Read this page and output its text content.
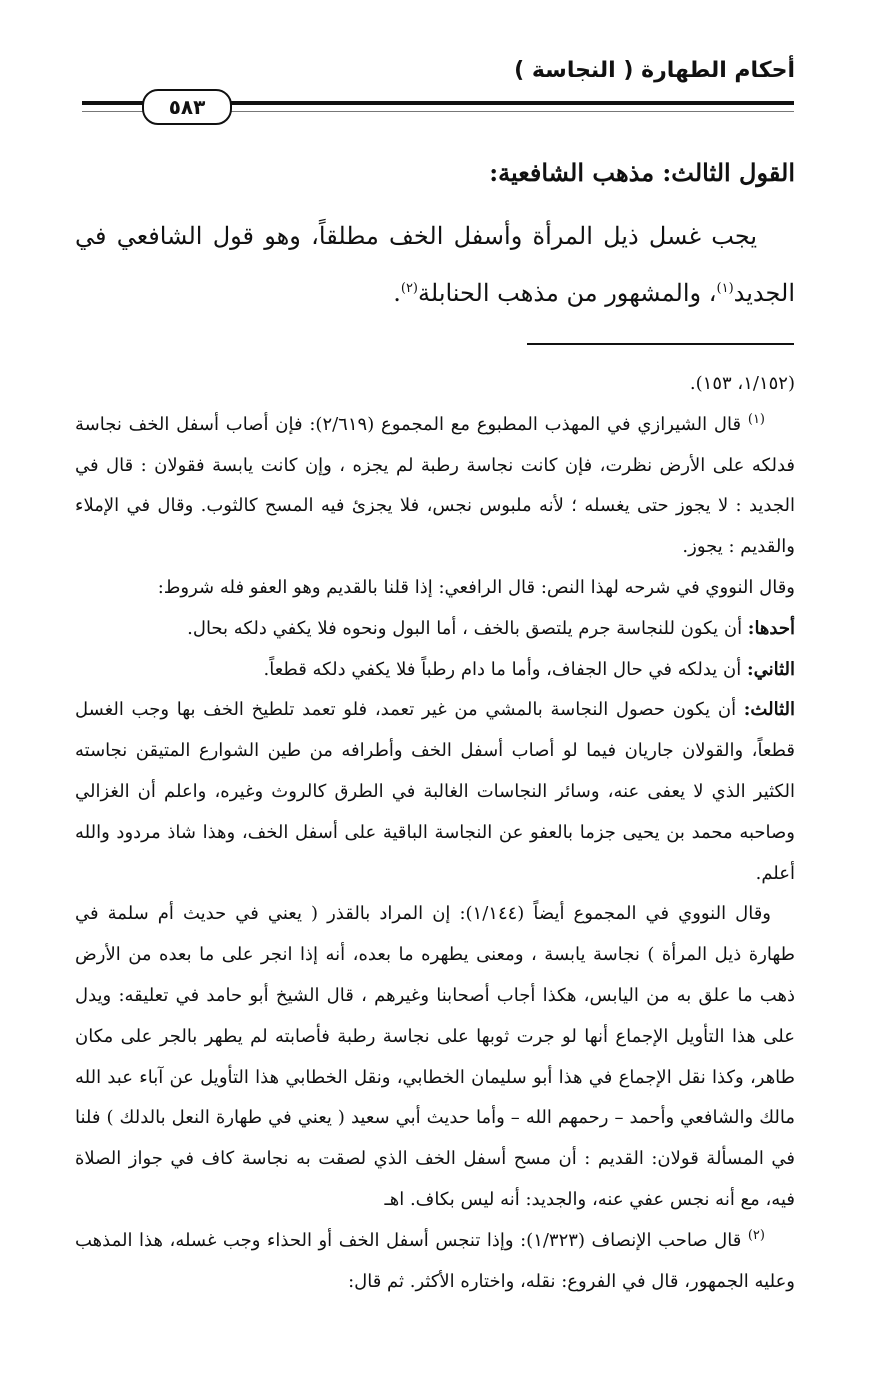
أحكام الطهارة ( النجاسة )
٥٨٣
القول الثالث: مذهب الشافعية:

يجب غسل ذيل المرأة وأسفل الخف مطلقاً، وهو قول الشافعي في الجديد$^{(١)}$، والمشهور من مذهب الحنابلة$^{(٢)}$.

(١/١٥٢، ١٥٣).

$^{(١)}$ قال الشيرازي في المهذب المطبوع مع المجموع (٢/٦١٩): فإن أصاب أسفل الخف نجاسة فدلكه على الأرض نظرت، فإن كانت نجاسة رطبة لم يجزه ، وإن كانت يابسة فقولان : قال في الجديد : لا يجوز حتى يغسله ؛ لأنه ملبوس نجس، فلا يجزئ فيه المسح كالثوب. وقال في الإملاء والقديم : يجوز.

وقال النووي في شرحه لهذا النص: قال الرافعي: إذا قلنا بالقديم وهو العفو فله شروط:

أحدها: أن يكون للنجاسة جرم يلتصق بالخف ، أما البول ونحوه فلا يكفي دلكه بحال.

الثاني: أن يدلكه في حال الجفاف، وأما ما دام رطباً فلا يكفي دلكه قطعاً.

الثالث: أن يكون حصول النجاسة بالمشي من غير تعمد، فلو تعمد تلطيخ الخف بها وجب الغسل قطعاً، والقولان جاريان فيما لو أصاب أسفل الخف وأطرافه من طين الشوارع المتيقن نجاسته الكثير الذي لا يعفى عنه، وسائر النجاسات الغالبة في الطرق كالروث وغيره، واعلم أن الغزالي وصاحبه محمد بن يحيى جزما بالعفو عن النجاسة الباقية على أسفل الخف، وهذا شاذ مردود والله أعلم.

وقال النووي في المجموع أيضاً (١/١٤٤): إن المراد بالقذر ( يعني في حديث أم سلمة في طهارة ذيل المرأة ) نجاسة يابسة ، ومعنى يطهره ما بعده، أنه إذا انجر على ما بعده من الأرض ذهب ما علق به من اليابس، هكذا أجاب أصحابنا وغيرهم ، قال الشيخ أبو حامد في تعليقه: ويدل على هذا التأويل الإجماع أنها لو جرت ثوبها على نجاسة رطبة فأصابته لم يطهر بالجر على مكان طاهر، وكذا نقل الإجماع في هذا أبو سليمان الخطابي، ونقل الخطابي هذا التأويل عن آباء عبد الله مالك والشافعي وأحمد – رحمهم الله – وأما حديث أبي سعيد ( يعني في طهارة النعل بالدلك ) فلنا في المسألة قولان: القديم : أن مسح أسفل الخف الذي لصقت به نجاسة كاف في جواز الصلاة فيه، مع أنه نجس عفي عنه، والجديد: أنه ليس بكاف. اهـ

$^{(٢)}$ قال صاحب الإنصاف (١/٣٢٣): وإذا تنجس أسفل الخف أو الحذاء وجب غسله، هذا المذهب وعليه الجمهور، قال في الفروع: نقله، واختاره الأكثر. ثم قال:
